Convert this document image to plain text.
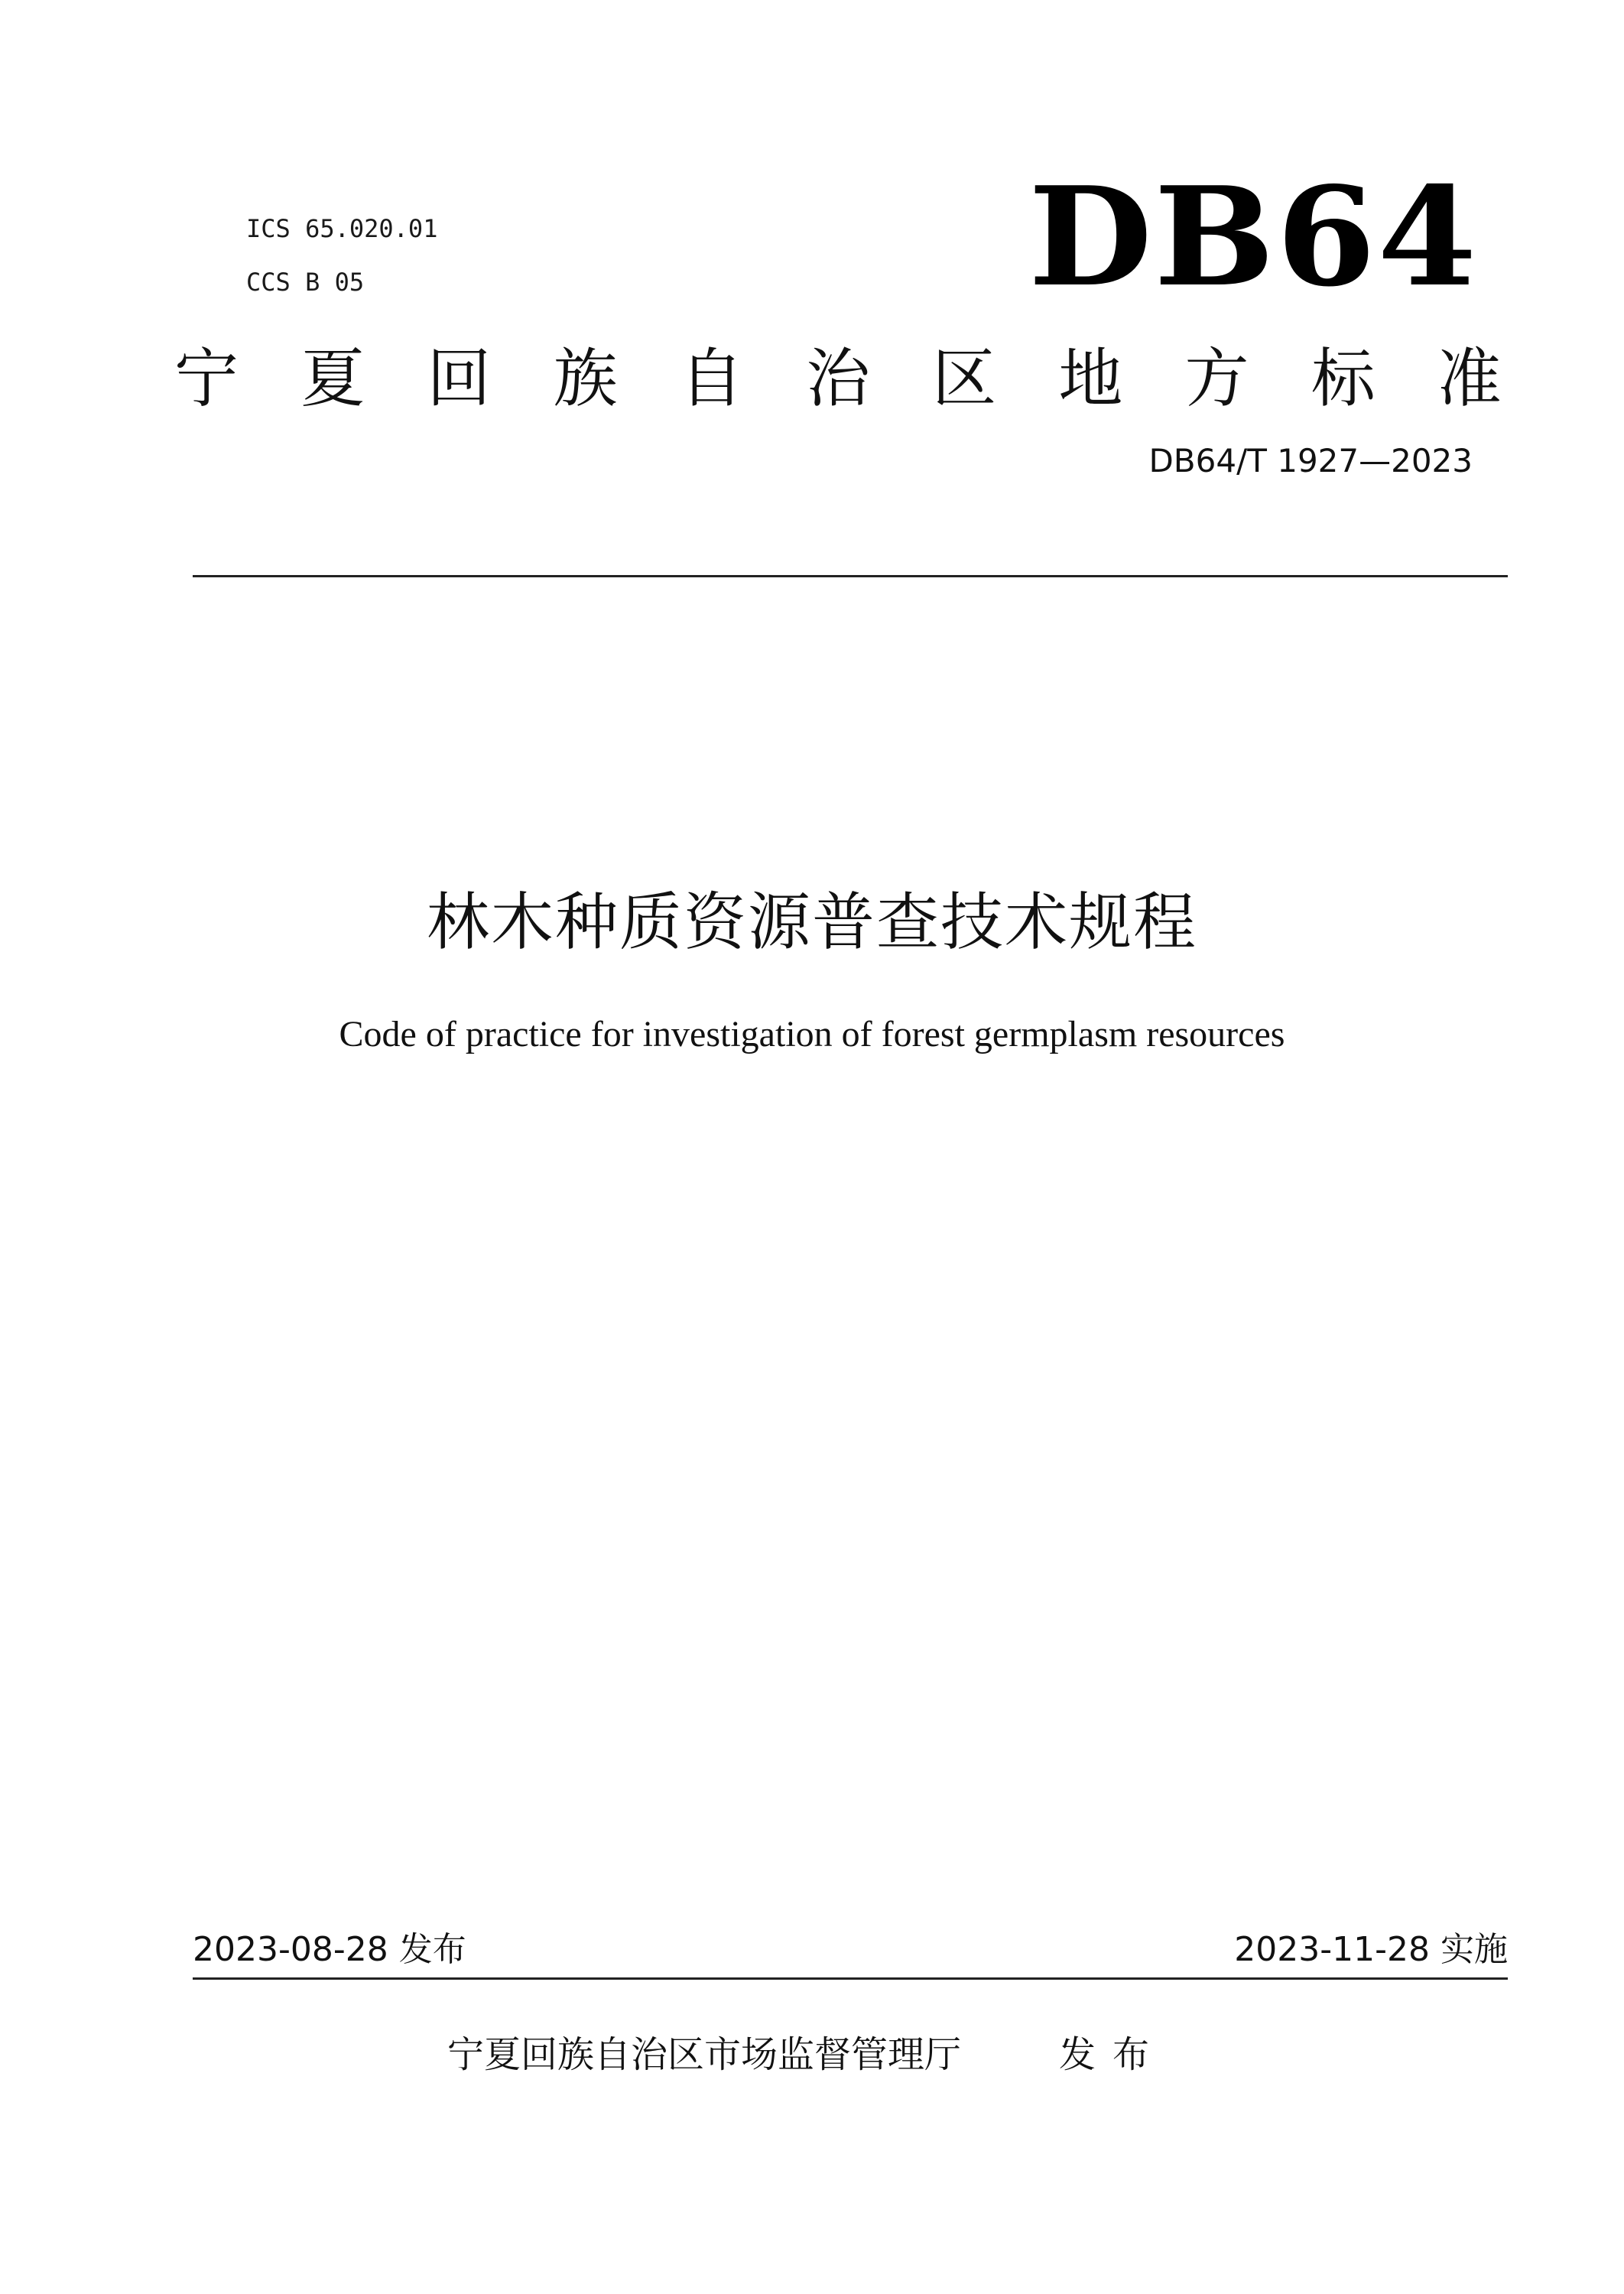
ICS 65.020.01
CCS B 05	DB64
宁 夏 回 族 自 治 区 地 方 标 准
DB64/T 1927—2023
林木种质资源普查技术规程
Code of practice for investigation of forest germplasm resources
2023-08-28 发布	2023-11-28 实施
宁夏回族自治区市场监督管理厅	发布
